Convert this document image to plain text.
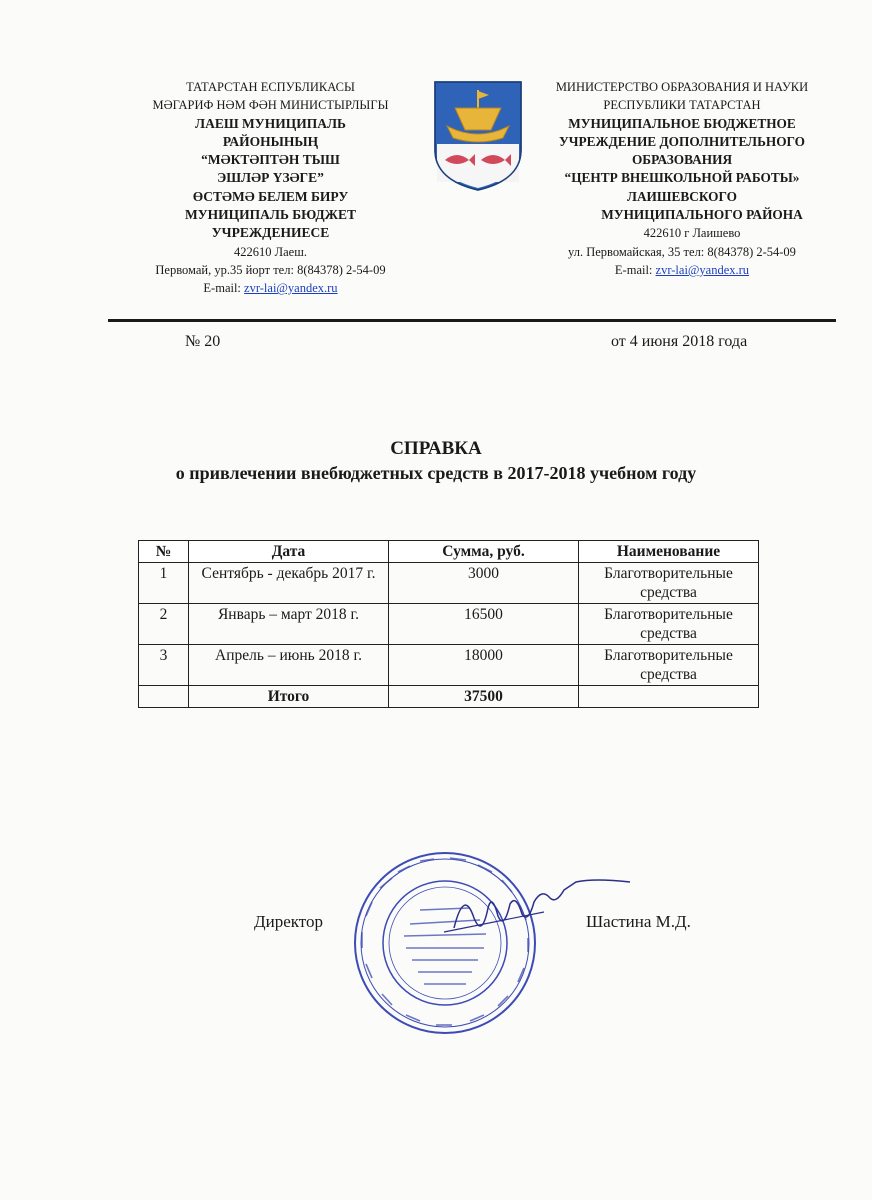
ТАТАРСТАН ЕСПУБЛИКАСЫ
МӘГАРИФ НӘМ ФӘН МИНИСТЫРЛЫГЫ
ЛАЕШ МУНИЦИПАЛЬ
РАЙОНЫНЫҢ
“МӘКТӘПТӘН ТЫШ
ЭШЛӘР ҮЗӘГЕ”
ӨСТӘМӘ БЕЛЕМ БИРУ
МУНИЦИПАЛЬ БЮДЖЕТ
УЧРЕЖДЕНИЕСЕ
422610 Лаеш.
Первомай, ур.35 йорт тел: 8(84378) 2-54-09
E-mail: zvr-lai@yandex.ru
МИНИСТЕРСТВО ОБРАЗОВАНИЯ И НАУКИ
РЕСПУБЛИКИ ТАТАРСТАН
МУНИЦИПАЛЬНОЕ БЮДЖЕТНОЕ
УЧРЕЖДЕНИЕ ДОПОЛНИТЕЛЬНОГО
ОБРАЗОВАНИЯ
“ЦЕНТР ВНЕШКОЛЬНОЙ РАБОТЫ»
ЛАИШЕВСКОГО
МУНИЦИПАЛЬНОГО РАЙОНА
422610 г Лаишево
ул. Первомайская, 35 тел: 8(84378) 2-54-09
E-mail: zvr-lai@yandex.ru
№ 20	от 4 июня 2018 года
СПРАВКА
о привлечении внебюджетных средств в 2017-2018 учебном году
№	Дата	Сумма, руб.	Наименование
1	Сентябрь - декабрь 2017 г.	3000	Благотворительные средства
2	Январь – март 2018 г.	16500	Благотворительные средства
3	Апрель – июнь 2018 г.	18000	Благотворительные средства
	Итого	37500	
Директор	Шастина М.Д.
